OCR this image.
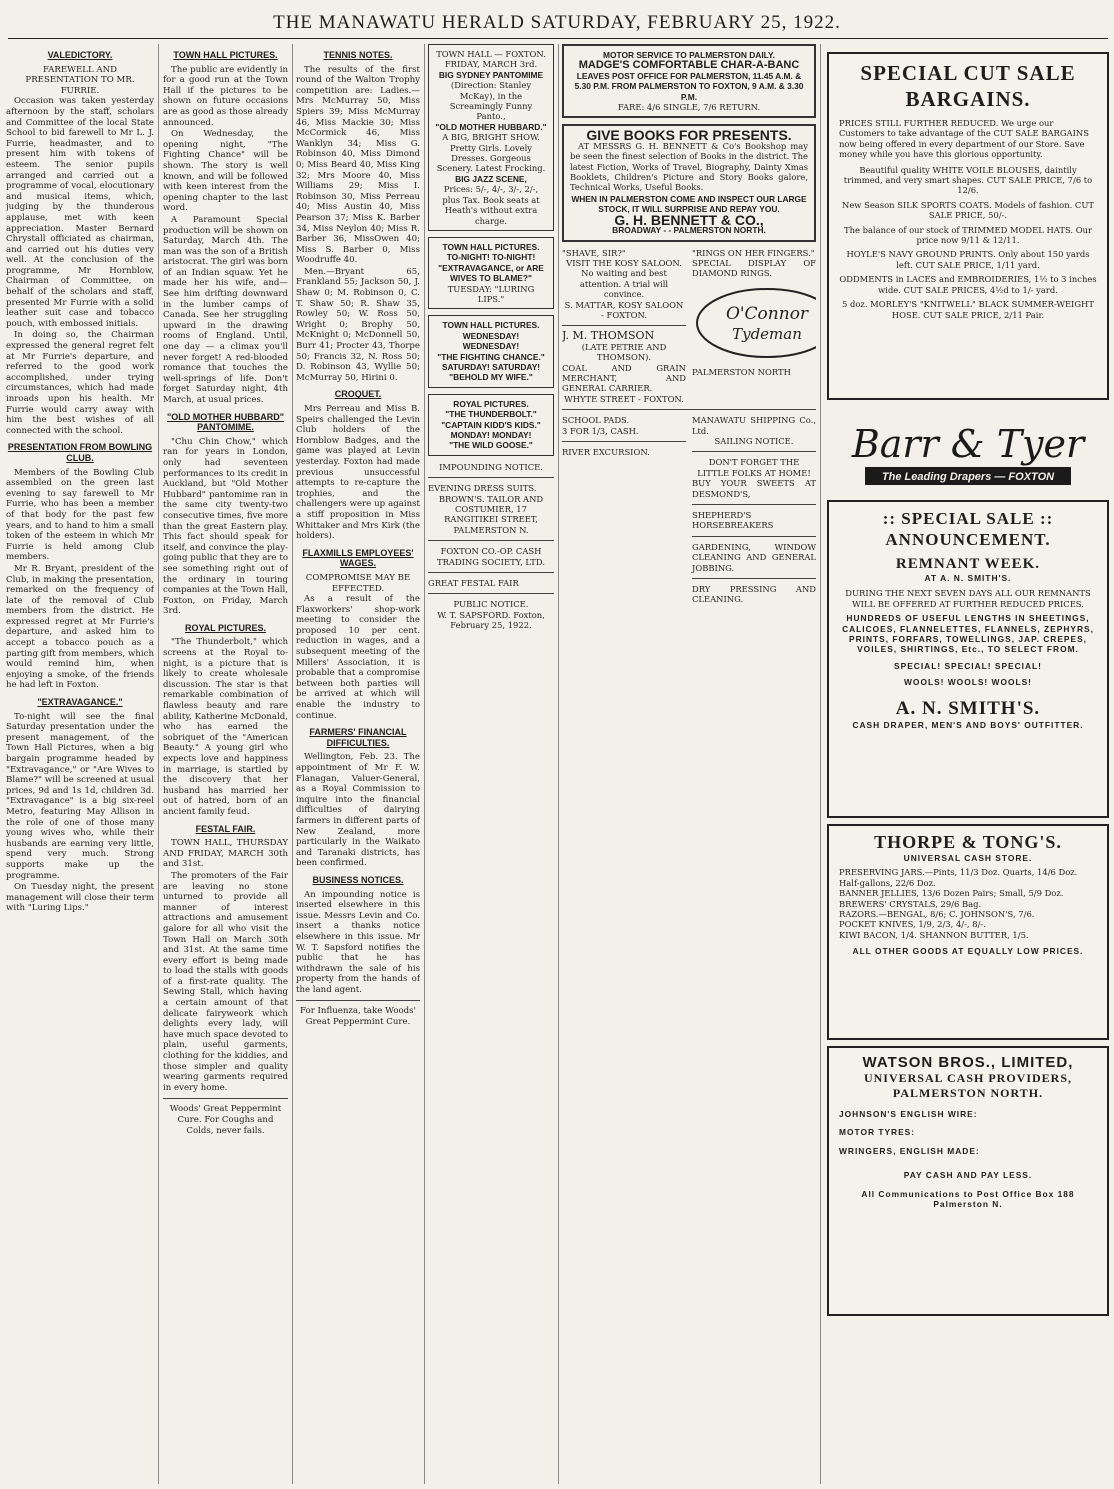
THE MANAWATU HERALD SATURDAY, FEBRUARY 25, 1922.
VALEDICTORY.
FAREWELL AND PRESENTATION TO MR. FURRIE.

Occasion was taken yesterday afternoon by the staff, scholars and Committee of the local State School to bid farewell to Mr L. J. Furrie, headmaster, and to present him with tokens of esteem. The senior pupils arranged and carried out a programme of vocal, elocutionary and musical items, which, judging by the thunderous applause, met with keen appreciation. Master Bernard Chrystall officiated as chairman, and carried out his duties very well. At the conclusion of the programme, Mr Hornblow, Chairman of Committee, on behalf of the scholars and staff, presented Mr Furrie with a solid leather suit case and tobacco pouch, with embossed initials.

In doing so, the Chairman expressed the general regret felt at Mr Furrie's departure, and referred to the good work accomplished, under trying circumstances, which had made inroads upon his health. Mr Furrie would carry away with him the best wishes of all connected with the school.

PRESENTATION FROM BOWLING CLUB.

Members of the Bowling Club assembled on the green last evening to say farewell to Mr Furrie, who has been a member of that body for the past few years, and to hand to him a small token of the esteem in which Mr Furrie is held among Club members.

Mr R. Bryant, president of the Club, in making the presentation, remarked on the frequency of late of the removal of Club members from the district. He expressed regret at Mr Furrie's departure, and asked him to accept a tobacco pouch as a parting gift from members, which would remind him, when enjoying a smoke, of the friends he had left in Foxton.

"EXTRAVAGANCE."

To-night will see the final Saturday presentation under the present management, of the Town Hall Pictures, when a big bargain programme headed by "Extravagance," or "Are Wives to Blame?" will be screened at usual prices, 9d and 1s 1d, children 3d. "Extravagance" is a big six-reel Metro, featuring May Allison in the role of one of those many young wives who, while their husbands are earning very little, spend very much. Strong supports make up the programme.

On Tuesday night, the present management will close their term with "Luring Lips."

TOWN HALL PICTURES.

The public are evidently in for a good run at the Town Hall if the pictures to be shown on future occasions are as good as those already announced.

On Wednesday, the opening night, "The Fighting Chance" will be shown. The story is well known, and will be followed with keen interest from the opening chapter to the last word.

A Paramount Special production will be shown on Saturday, March 4th. The man was the son of a British aristocrat. The girl was born of an Indian squaw. Yet he made her his wife, and— See him drifting downward in the lumber camps of Canada. See her struggling upward in the drawing rooms of England. Until, one day — a climax you'll never forget! A red-blooded romance that touches the well-springs of life. Don't forget Saturday night, 4th March, at usual prices.

"OLD MOTHER HUBBARD" PANTOMIME.

"Chu Chin Chow," which ran for years in London, only had seventeen performances to its credit in Auckland, but "Old Mother Hubbard" pantomime ran in the same city twenty-two consecutive times, five more than the great Eastern play. This fact should speak for itself, and convince the play-going public that they are to see something right out of the ordinary in touring companies at the Town Hall, Foxton, on Friday, March 3rd.

ROYAL PICTURES.

"The Thunderbolt," which screens at the Royal to-night, is a picture that is likely to create wholesale discussion. The star is that remarkable combination of flawless beauty and rare ability, Katherine McDonald, who has earned the sobriquet of the "American Beauty." A young girl who expects love and happiness in marriage, is startled by the discovery that her husband has married her out of hatred, born of an ancient family feud.

FESTAL FAIR.

TOWN HALL, THURSDAY AND FRIDAY, MARCH 30th and 31st.

The promoters of the Fair are leaving no stone unturned to provide all manner of interest attractions and amusement galore for all who visit the Town Hall on March 30th and 31st. At the same time every effort is being made to load the stalls with goods of a first-rate quality. The Sewing Stall, which having a certain amount of that delicate fairyweork which delights every lady, will have much space devoted to plain, useful garments, clothing for the kiddies, and those simpler and quality wearing garments required in every home.

Woods' Great Peppermint Cure. For Coughs and Colds, never fails.
TENNIS NOTES.

The results of the first round of the Walton Trophy competition are: Ladies.—Mrs McMurray 50, Miss Spiers 39; Miss McMurray 46, Miss Mackie 30; Miss McCormick 46, Miss Wanklyn 34; Miss G. Robinson 40, Miss Dimond 0; Miss Beard 40, Miss King 32; Mrs Moore 40, Miss Williams 29; Miss I. Robinson 30, Miss Perreau 40; Miss Austin 40, Miss Pearson 37; Miss K. Barber 34, Miss Neylon 40; Miss R. Barber 36, MissOwen 40; Miss S. Barber 0, Miss Woodruffe 40.

Men.—Bryant 65, Frankland 55; Jackson 50, J. Shaw 0; M. Robinson 0, C. T. Shaw 50; R. Shaw 35, Rowley 50; W. Ross 50, Wright 0; Brophy 50, McKnight 0; McDonnell 50, Burr 41; Procter 43, Thorpe 50; Francis 32, N. Ross 50; D. Robinson 43, Wyllie 50; McMurray 50, Hirini 0.

CROQUET.

Mrs Perreau and Miss B. Speirs challenged the Levin Club holders of the Hornblow Badges, and the game was played at Levin yesterday. Foxton had made previous unsuccessful attempts to re-capture the trophies, and the challengers were up against a stiff proposition in Miss Whittaker and Mrs Kirk (the holders).

FLAXMILLS EMPLOYEES' WAGES.
COMPROMISE MAY BE EFFECTED.

As a result of the Flaxworkers' shop-work meeting to consider the proposed 10 per cent. reduction in wages, and a subsequent meeting of the Millers' Association, it is probable that a compromise between both parties will be arrived at which will enable the industry to continue.

FARMERS' FINANCIAL DIFFICULTIES.

Wellington, Feb. 23. The appointment of Mr F. W. Flanagan, Valuer-General, as a Royal Commission to inquire into the financial difficulties of dairying farmers in different parts of New Zealand, more particularly in the Waikato and Taranaki districts, has been confirmed.

BUSINESS NOTICES.

An impounding notice is inserted elsewhere in this issue. Messrs Levin and Co. insert a thanks notice elsewhere in this issue. Mr W. T. Sapsford notifies the public that he has withdrawn the sale of his property from the hands of the land agent.

For Influenza, take Woods' Great Peppermint Cure.
TOWN HALL — FOXTON. FRIDAY, MARCH 3rd.
BIG SYDNEY PANTOMIME
(Direction: Stanley McKay), in the Screamingly Funny Panto.,
"OLD MOTHER HUBBARD."
A BIG, BRIGHT SHOW. Pretty Girls. Lovely Dresses. Gorgeous Scenery. Latest Frocking.
BIG JAZZ SCENE,
Prices: 5/-, 4/-, 3/-, 2/-, plus Tax. Book seats at Heath's without extra charge.
TOWN HALL PICTURES.
TO-NIGHT! TO-NIGHT!
"EXTRAVAGANCE, or ARE WIVES TO BLAME?"
TUESDAY: "LURING LIPS."
TOWN HALL PICTURES.
WEDNESDAY! WEDNESDAY!
"THE FIGHTING CHANCE."
SATURDAY! SATURDAY!
"BEHOLD MY WIFE."
ROYAL PICTURES.
"THE THUNDERBOLT."
"CAPTAIN KIDD'S KIDS."
MONDAY! MONDAY!
"THE WILD GOOSE."
IMPOUNDING NOTICE.
EVENING DRESS SUITS.
BROWN'S. TAILOR AND COSTUMIER, 17 RANGITIKEI STREET, PALMERSTON N.
FOXTON CO.-OP. CASH TRADING SOCIETY, LTD.
GREAT FESTAL FAIR
PUBLIC NOTICE.
W. T. SAPSFORD. Foxton, February 25, 1922.
MOTOR SERVICE TO PALMERSTON DAILY.
MADGE'S COMFORTABLE CHAR-A-BANC
LEAVES POST OFFICE FOR PALMERSTON, 11.45 A.M. & 5.30 P.M. FROM PALMERSTON TO FOXTON, 9 A.M. & 3.30 P.M.
FARE: 4/6 SINGLE, 7/6 RETURN.
GIVE BOOKS FOR PRESENTS.

AT MESSRS G. H. BENNETT & Co's Bookshop may be seen the finest selection of Books in the district. The latest Fiction, Works of Travel, Biography, Dainty Xmas Booklets, Children's Picture and Story Books galore, Technical Works, Useful Books.

WHEN IN PALMERSTON COME AND INSPECT OUR LARGE STOCK, IT WILL SURPRISE AND REPAY YOU.
G. H. BENNETT & CO.,
BROADWAY - - PALMERSTON NORTH.
"SHAVE, SIR?"
VISIT THE KOSY SALOON. No waiting and best attention. A trial will convince.
S. MATTAR, KOSY SALOON - FOXTON.
J. M. THOMSON
(LATE PETRIE AND THOMSON).
COAL AND GRAIN MERCHANT, AND GENERAL CARRIER.
WHYTE STREET - FOXTON.
"RINGS ON HER FINGERS."
SPECIAL DISPLAY OF DIAMOND RINGS.
O'Connor
Tydeman
PALMERSTON NORTH
SCHOOL PADS.
3 FOR 1/3, CASH.
RIVER EXCURSION.
MANAWATU SHIPPING Co., Ltd.
SAILING NOTICE.
DON'T FORGET THE LITTLE FOLKS AT HOME!
BUY YOUR SWEETS AT DESMOND'S,
SHEPHERD'S HORSEBREAKERS
GARDENING, WINDOW CLEANING AND GENERAL JOBBING.
DRY PRESSING AND CLEANING.
SPECIAL CUT SALE BARGAINS.
PRICES STILL FURTHER REDUCED. We urge our Customers to take advantage of the CUT SALE BARGAINS now being offered in every department of our Store. Save money while you have this glorious opportunity.
Beautiful quality WHITE VOILE BLOUSES, daintily trimmed, and very smart shapes. CUT SALE PRICE, 7/6 to 12/6.
New Season SILK SPORTS COATS. Models of fashion. CUT SALE PRICE, 50/-.
The balance of our stock of TRIMMED MODEL HATS. Our price now 9/11 & 12/11.
HOYLE'S NAVY GROUND PRINTS. Only about 150 yards left. CUT SALE PRICE, 1/11 yard.
ODDMENTS in LACES and EMBROIDERIES, 1½ to 3 inches wide. CUT SALE PRICES, 4½d to 1/- yard.
5 doz. MORLEY'S "KNITWELL" BLACK SUMMER-WEIGHT HOSE. CUT SALE PRICE, 2/11 Pair.
Barr & Tyer
The Leading Drapers — FOXTON
:: SPECIAL SALE :: ANNOUNCEMENT.
REMNANT WEEK.
AT A. N. SMITH'S.
DURING THE NEXT SEVEN DAYS ALL OUR REMNANTS WILL BE OFFERED AT FURTHER REDUCED PRICES.
HUNDREDS OF USEFUL LENGTHS IN SHEETINGS, CALICOES, FLANNELETTES, FLANNELS, ZEPHYRS, PRINTS, FORFARS, TOWELLINGS, JAP. CREPES, VOILES, SHIRTINGS, Etc., TO SELECT FROM.
SPECIAL! SPECIAL! SPECIAL!
WOOLS! WOOLS! WOOLS!
A. N. SMITH'S.
CASH DRAPER, MEN'S AND BOYS' OUTFITTER.
THORPE & TONG'S.
UNIVERSAL CASH STORE.
PRESERVING JARS.—Pints, 11/3 Doz. Quarts, 14/6 Doz. Half-gallons, 22/6 Doz.
BANNER JELLIES, 13/6 Dozen Pairs; Small, 5/9 Doz.
BREWERS' CRYSTALS, 29/6 Bag.
RAZORS.—BENGAL, 8/6; C. JOHNSON'S, 7/6.
POCKET KNIVES, 1/9, 2/3, 4/-, 8/-.
KIWI BACON, 1/4. SHANNON BUTTER, 1/5.
ALL OTHER GOODS AT EQUALLY LOW PRICES.
WATSON BROS., LIMITED,
UNIVERSAL CASH PROVIDERS, PALMERSTON NORTH.
JOHNSON'S ENGLISH WIRE:
MOTOR TYRES:
WRINGERS, ENGLISH MADE:
PAY CASH AND PAY LESS.
All Communications to Post Office Box 188 Palmerston N.
